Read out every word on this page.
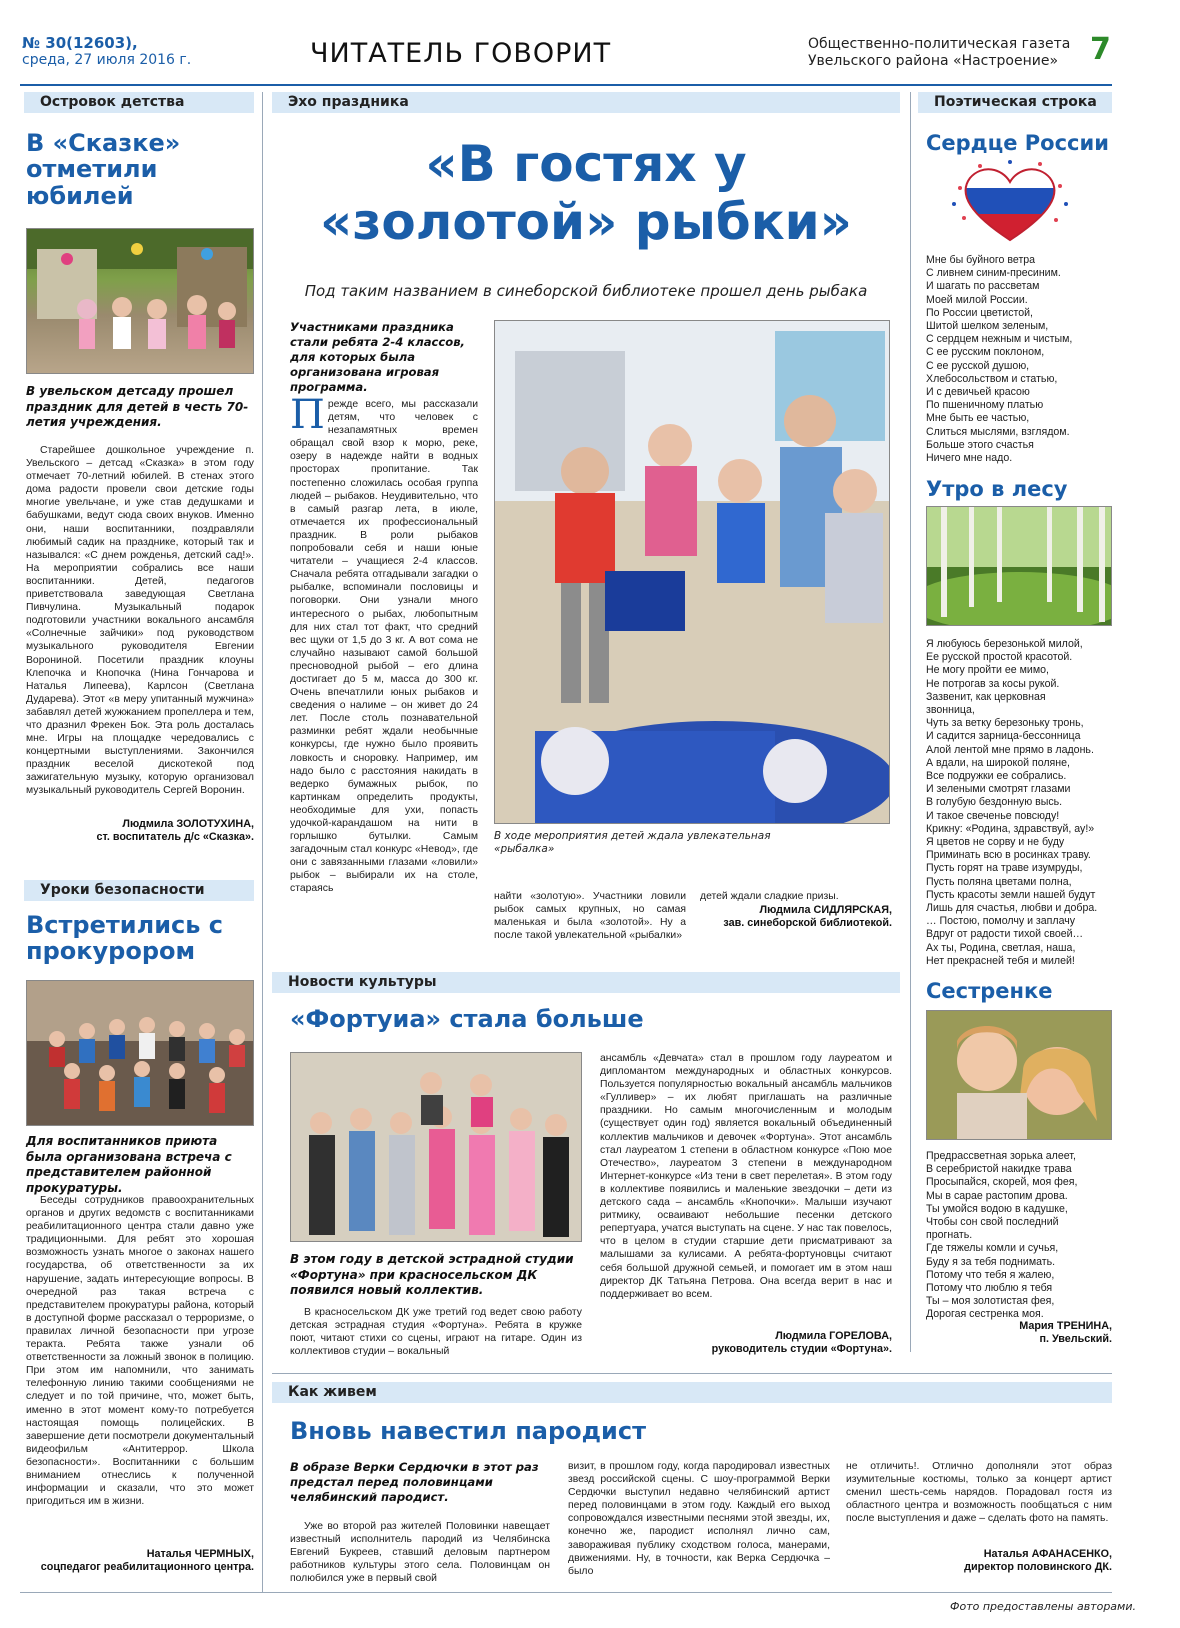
№ 30(12603),
среда, 27 июля 2016 г.	ЧИТАТЕЛЬ ГОВОРИТ	Общественно-политическая газета Увельского района «Настроение»	7
Островок детства
В «Сказке» отметили юбилей
В увельском детсаду прошел праздник для детей в честь 70-летия учреждения.
Старейшее дошкольное учреждение п. Увельского – детсад «Сказка» в этом году отмечает 70-летний юбилей. В стенах этого дома радости провели свои детские годы многие увельчане, и уже став дедушками и бабушками, ведут сюда своих внуков. Именно они, наши воспитанники, поздравляли любимый садик на празднике, который так и назывался: «С днем рожденья, детский сад!». На мероприятии собрались все наши воспитанники. Детей, педагогов приветствовала заведующая Светлана Пивчулина. Музыкальный подарок подготовили участники вокального ансамбля «Солнечные зайчики» под руководством музыкального руководителя Евгении Ворониной. Посетили праздник клоуны Клепочка и Кнопочка (Нина Гончарова и Наталья Липеева), Карлсон (Светлана Дударева). Этот «в меру упитанный мужчина» забавлял детей жужжанием пропеллера и тем, что дразнил Фрекен Бок. Эта роль досталась мне. Игры на площадке чередовались с концертными выступлениями. Закончился праздник веселой дискотекой под зажигательную музыку, которую организовал музыкальный руководитель Сергей Воронин.
Людмила ЗОЛОТУХИНА,
ст. воспитатель д/с «Сказка».
Уроки безопасности
Встретились с прокурором
Для воспитанников приюта была организована встреча с представителем районной прокуратуры.
Беседы сотрудников правоохранительных органов и других ведомств с воспитанниками реабилитационного центра стали давно уже традиционными. Для ребят это хорошая возможность узнать многое о законах нашего государства, об ответственности за их нарушение, задать интересующие вопросы. В очередной раз такая встреча с представителем прокуратуры района, который в доступной форме рассказал о терроризме, о правилах личной безопасности при угрозе теракта. Ребята также узнали об ответственности за ложный звонок в полицию. При этом им напомнили, что занимать телефонную линию такими сообщениями не следует и по той причине, что, может быть, именно в этот момент кому-то потребуется настоящая помощь полицейских. В завершение дети посмотрели документальный видеофильм «Антитеррор. Школа безопасности». Воспитанники с большим вниманием отнеслись к полученной информации и сказали, что это может пригодиться им в жизни.
Наталья ЧЕРМНЫХ,
соцпедагог реабилитационного центра.
Эхо праздника
«В гостях у «золотой» рыбки»
Под таким названием в синеборской библиотеке прошел день рыбака
Участниками праздника стали ребята 2-4 классов, для которых была организована игровая программа.
Прежде всего, мы рассказали детям, что человек с незапамятных времен обращал свой взор к морю, реке, озеру в надежде найти в водных просторах пропитание. Так постепенно сложилась особая группа людей – рыбаков. Неудивительно, что в самый разгар лета, в июле, отмечается их профессиональный праздник. В роли рыбаков попробовали себя и наши юные читатели – учащиеся 2-4 классов. Сначала ребята отгадывали загадки о рыбалке, вспоминали пословицы и поговорки. Они узнали много интересного о рыбах, любопытным для них стал тот факт, что средний вес щуки от 1,5 до 3 кг. А вот сома не случайно называют самой большой пресноводной рыбой – его длина достигает до 5 м, масса до 300 кг. Очень впечатлили юных рыбаков и сведения о налиме – он живет до 24 лет. После столь познавательной разминки ребят ждали необычные конкурсы, где нужно было проявить ловкость и сноровку. Например, им надо было с расстояния накидать в ведерко бумажных рыбок, по картинкам определить продукты, необходимые для ухи, попасть удочкой-карандашом на нити в горлышко бутылки. Самым загадочным стал конкурс «Невод», где они с завязанными глазами «ловили» рыбок – выбирали их на столе, стараясь
В ходе мероприятия детей ждала увлекательная «рыбалка»
найти «золотую». Участники ловили рыбок самых крупных, но самая маленькая и была «золотой». Ну а после такой увлекательной «рыбалки»
детей ждали сладкие призы.
Людмила СИДЛЯРСКАЯ,
зав. синеборской библиотекой.
Новости культуры
«Фортуиа» стала больше
В этом году в детской эстрадной студии «Фортуна» при красносельском ДК появился новый коллектив.
В красносельском ДК уже третий год ведет свою работу детская эстрадная студия «Фортуна». Ребята в кружке поют, читают стихи со сцены, играют на гитаре. Один из коллективов студии – вокальный
ансамбль «Девчата» стал в прошлом году лауреатом и дипломантом международных и областных конкурсов. Пользуется популярностью вокальный ансамбль мальчиков «Гулливер» – их любят приглашать на различные праздники. Но самым многочисленным и молодым (существует один год) является вокальный объединенный коллектив мальчиков и девочек «Фортуна». Этот ансамбль стал лауреатом 1 степени в областном конкурсе «Пою мое Отечество», лауреатом 3 степени в международном Интернет-конкурсе «Из тени в свет перелетая». В этом году в коллективе появились и маленькие звездочки – дети из детского сада – ансамбль «Кнопочки». Малыши изучают ритмику, осваивают небольшие песенки детского репертуара, учатся выступать на сцене. У нас так повелось, что в целом в студии старшие дети присматривают за малышами за кулисами. А ребята-фортуновцы считают себя большой дружной семьей, и помогает им в этом наш директор ДК Татьяна Петрова. Она всегда верит в нас и поддерживает во всем.
Людмила ГОРЕЛОВА,
руководитель студии «Фортуна».
Как живем
Вновь навестил пародист
В образе Верки Сердючки в этот раз предстал перед половинцами челябинский пародист.
Уже во второй раз жителей Половинки навещает известный исполнитель пародий из Челябинска Евгений Букреев, ставший деловым партнером работников культуры этого села. Половинцам он полюбился уже в первый свой
визит, в прошлом году, когда пародировал известных звезд российской сцены. С шоу-программой Верки Сердючки выступил недавно челябинский артист перед половинцами в этом году. Каждый его выход сопровождался известными песнями этой звезды, их, конечно же, пародист исполнял лично сам, завораживая публику сходством голоса, манерами, движениями. Ну, в точности, как Верка Сердючка – было
не отличить!. Отлично дополняли этот образ изумительные костюмы, только за концерт артист сменил шесть-семь нарядов. Порадовал гостя из областного центра и возможность пообщаться с ним после выступления и даже – сделать фото на память.
Наталья АФАНАСЕНКО,
директор половинского ДК.
Поэтическая строка
Сердце России
Мне бы буйного ветра
С ливнем синим-пресиним.
И шагать по рассветам
Моей милой России.
По России цветистой,
Шитой шелком зеленым,
С сердцем нежным и чистым,
С ее русским поклоном,
С ее русской душою,
Хлебосольством и статью,
И с девичьей красою
По пшеничному платью
Мне быть ее частью,
Слиться мыслями, взглядом.
Больше этого счастья
Ничего мне надо.
Утро в лесу
Я любуюсь березонькой милой,
Ее русской простой красотой.
Не могу пройти ее мимо,
Не потрогав за косы рукой.
Зазвенит, как церковная
звонница,
Чуть за ветку березоньку тронь,
И садится зарница-бессонница
Алой лентой мне прямо в ладонь.
А вдали, на широкой поляне,
Все подружки ее собрались.
И зелеными смотрят глазами
В голубую бездонную высь.
И такое свеченье повсюду!
Крикну: «Родина, здравствуй, ау!»
Я цветов не сорву и не буду
Приминать всю в росинках траву.
Пусть горят на траве изумруды,
Пусть поляна цветами полна,
Пусть красоты земли нашей будут
Лишь для счастья, любви и добра.
… Постою, помолчу и заплачу
Вдруг от радости тихой своей…
Ах ты, Родина, светлая, наша,
Нет прекрасней тебя и милей!
Сестренке
Предрассветная зорька алеет,
В серебристой накидке трава
Просыпайся, скорей, моя фея,
Мы в сарае растопим дрова.
Ты умойся водою в кадушке,
Чтобы сон свой последний
прогнать.
Где тяжелы комли и сучья,
Буду я за тебя поднимать.
Потому что тебя я жалею,
Потому что люблю я тебя
Ты – моя золотистая фея,
Дорогая сестренка моя.
Мария ТРЕНИНА,
п. Увельский.
Фото предоставлены авторами.
